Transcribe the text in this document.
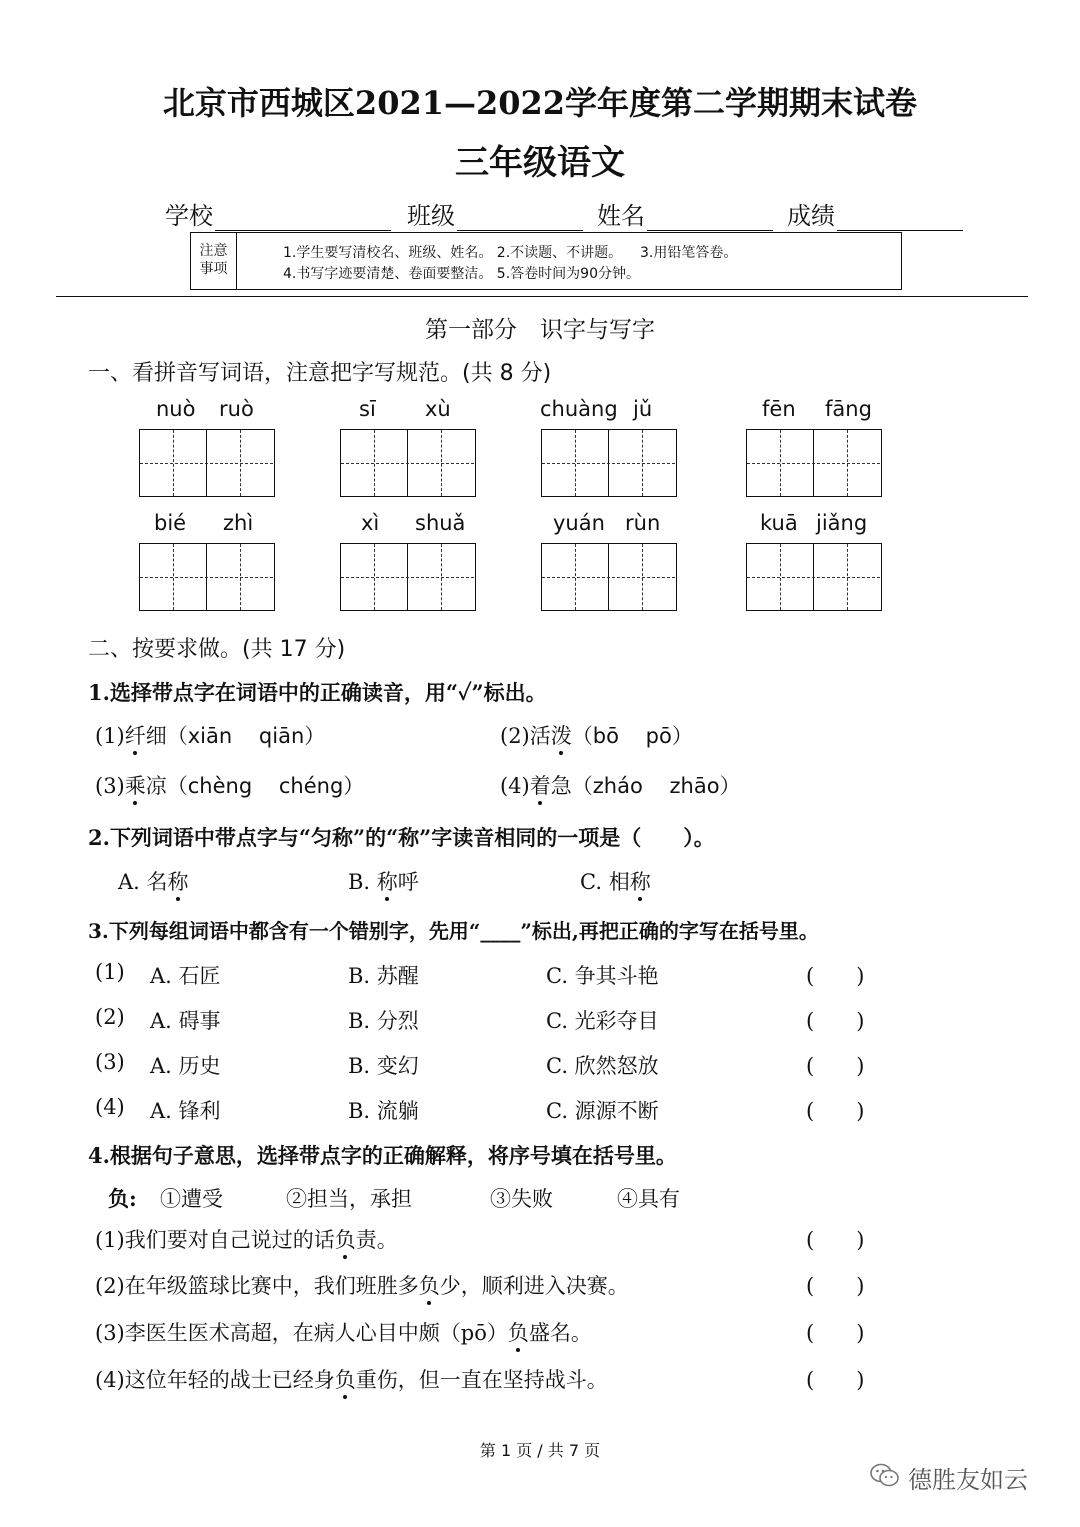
北京市西城区2021—2022学年度第二学期期末试卷
三年级语文
学校	班级	姓名	成绩
注意
事项
1.学生要写清校名、班级、姓名。 2.不读题、不讲题。    3.用铅笔答卷。
4.书写字迹要清楚、卷面要整洁。 5.答卷时间为90分钟。
第一部分　识字与写字
一、看拼音写词语，注意把字写规范。(共 8 分)
nuò ruò	sī xù	chuàng jǔ	fēn fāng
bié zhì	xì shuǎ	yuán rùn	kuā jiǎng
二、按要求做。(共 17 分)
1.选择带点字在词语中的正确读音，用“✓”标出。
(1)纤细（xiān qiān）	(2)活泼（bō pō）
(3)乘凉（chèng chéng）	(4)着急（zháo zhāo）
2.下列词语中带点字与“匀称”的“称”字读音相同的一项是（　　）。
A. 名称	B. 称呼	C. 相称
3.下列每组词语中都含有一个错别字，先用“____”标出,再把正确的字写在括号里。
(1) A. 石匠	B. 苏醒	C. 争其斗艳	(　　)
(2) A. 碍事	B. 分烈	C. 光彩夺目	(　　)
(3) A. 历史	B. 变幻	C. 欣然怒放	(　　)
(4) A. 锋利	B. 流躺	C. 源源不断	(　　)
4.根据句子意思，选择带点字的正确解释，将序号填在括号里。
负: ①遭受	②担当，承担	③失败	④具有
(1)我们要对自己说过的话负责。	(　　)
(2)在年级篮球比赛中，我们班胜多负少，顺利进入决赛。	(　　)
(3)李医生医术高超，在病人心目中颇（pō）负盛名。	(　　)
(4)这位年轻的战士已经身负重伤，但一直在坚持战斗。	(　　)
第 1 页 / 共 7 页
德胜友如云
